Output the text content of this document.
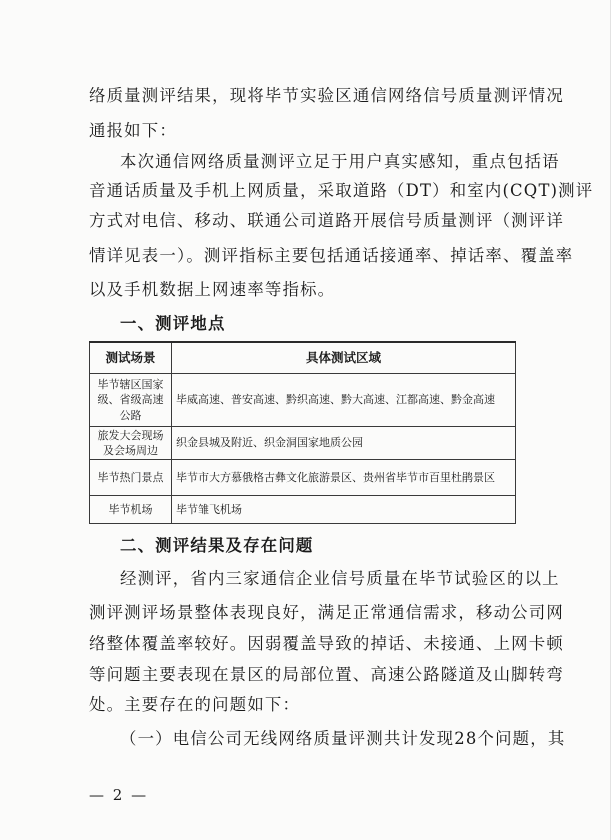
络质量测评结果，现将毕节实验区通信网络信号质量测评情况
通报如下：
本次通信网络质量测评立足于用户真实感知，重点包括语
音通话质量及手机上网质量，采取道路（DT）和室内(CQT)测评
方式对电信、移动、联通公司道路开展信号质量测评（测评详
情详见表一）。测评指标主要包括通话接通率、掉话率、覆盖率
以及手机数据上网速率等指标。
一、测评地点
测试场景	具体测试区域
毕节辖区国家级、省级高速公路	毕威高速、普安高速、黔织高速、黔大高速、江都高速、黔金高速
旅发大会现场及会场周边	织金县城及附近、织金洞国家地质公园
毕节热门景点	毕节市大方慕俄格古彝文化旅游景区、贵州省毕节市百里杜鹃景区
毕节机场	毕节雏飞机场
二、测评结果及存在问题
经测评，省内三家通信企业信号质量在毕节试验区的以上
测评测评场景整体表现良好，满足正常通信需求，移动公司网
络整体覆盖率较好。因弱覆盖导致的掉话、未接通、上网卡顿
等问题主要表现在景区的局部位置、高速公路隧道及山脚转弯
处。主要存在的问题如下：
（一）电信公司无线网络质量评测共计发现28个问题，其
— 2 —
